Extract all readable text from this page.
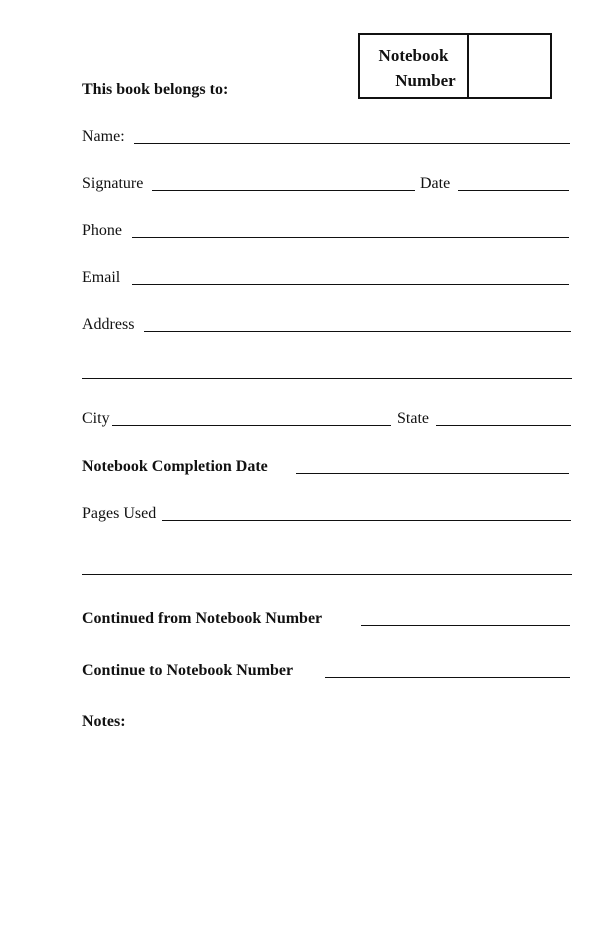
Notebook
Number
This book belongs to:
Name:
Signature	Date
Phone
Email
Address
City	State
Notebook Completion Date
Pages Used
Continued from Notebook Number
Continue to Notebook Number
Notes:
